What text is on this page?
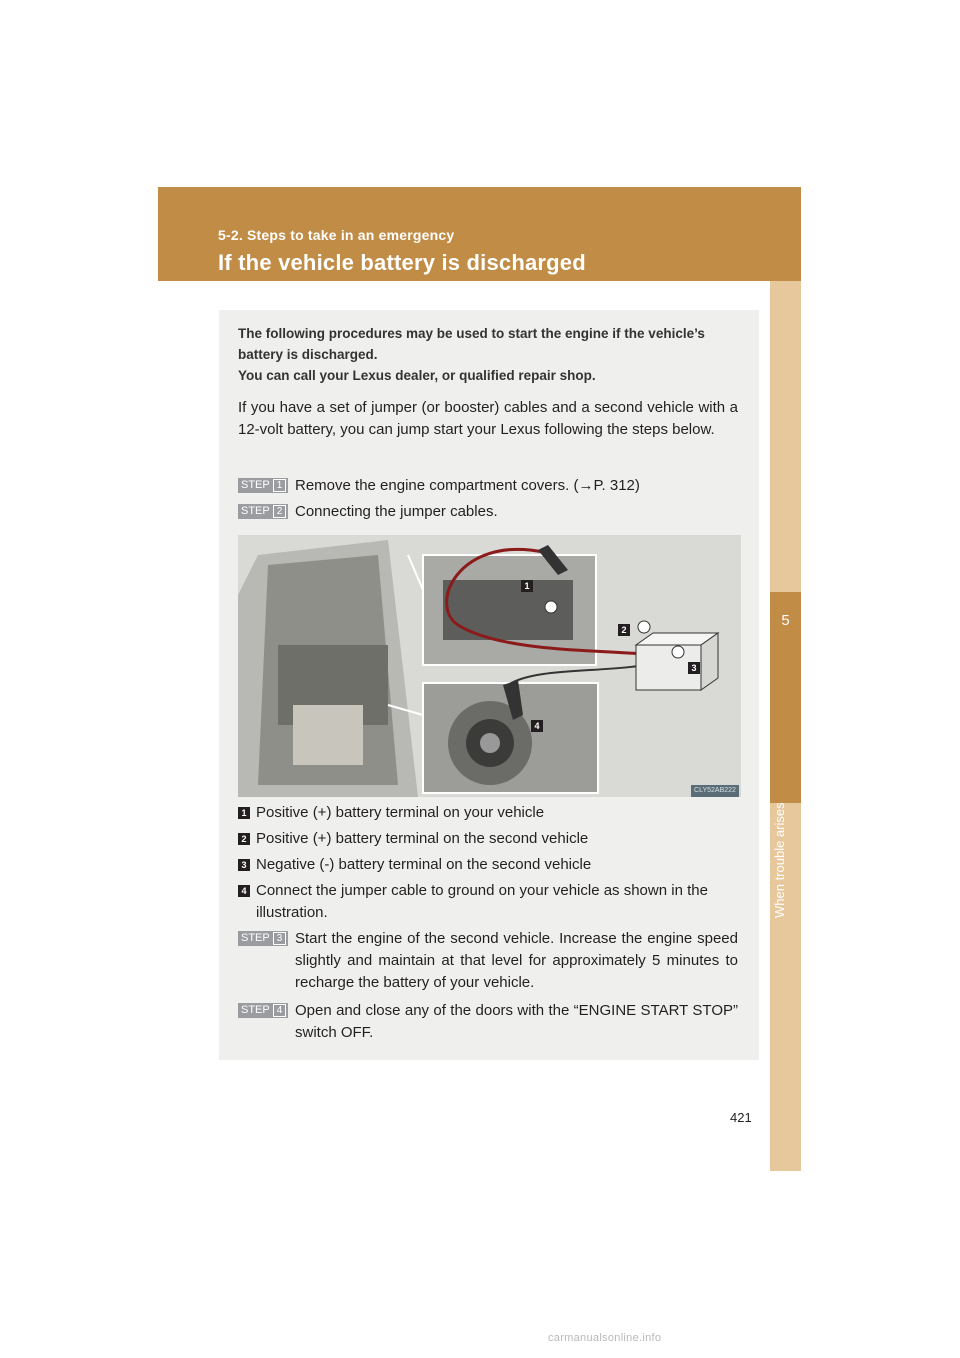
5-2. Steps to take in an emergency
If the vehicle battery is discharged
5
When trouble arises
The following procedures may be used to start the engine if the vehicle’s battery is discharged.
You can call your Lexus dealer, or qualified repair shop.
If you have a set of jumper (or booster) cables and a second vehicle with a 12-volt battery, you can jump start your Lexus following the steps below.
STEP 1 Remove the engine compartment covers. (→P. 312)
STEP 2 Connecting the jumper cables.
1
2
3
4
CLY52AB222
1 Positive (+) battery terminal on your vehicle
2 Positive (+) battery terminal on the second vehicle
3 Negative (-) battery terminal on the second vehicle
4 Connect the jumper cable to ground on your vehicle as shown in the illustration.
STEP 3 Start the engine of the second vehicle. Increase the engine speed slightly and maintain at that level for approximately 5 minutes to recharge the battery of your vehicle.
STEP 4 Open and close any of the doors with the “ENGINE START STOP” switch OFF.
421
carmanualsonline.info
